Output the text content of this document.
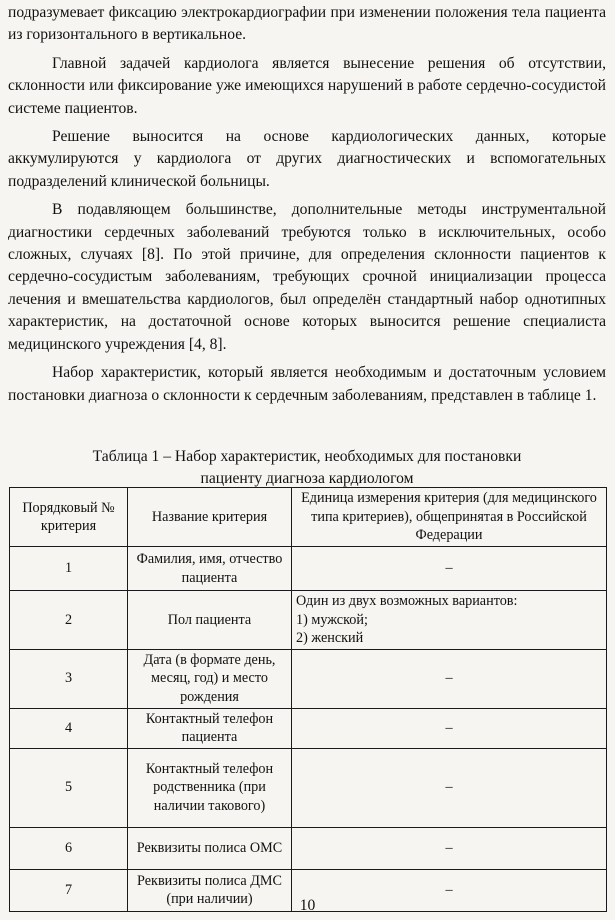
подразумевает фиксацию электрокардиографии при изменении положения тела пациента из горизонтального в вертикальное.

Главной задачей кардиолога является вынесение решения об отсутствии, склонности или фиксирование уже имеющихся нарушений в работе сердечно-сосудистой системе пациентов.

Решение выносится на основе кардиологических данных, которые аккумулируются у кардиолога от других диагностических и вспомогательных подразделений клинической больницы.

В подавляющем большинстве, дополнительные методы инструментальной диагностики сердечных заболеваний требуются только в исключительных, особо сложных, случаях [8]. По этой причине, для определения склонности пациентов к сердечно-сосудистым заболеваниям, требующих срочной инициализации процесса лечения и вмешательства кардиологов, был определён стандартный набор однотипных характеристик, на достаточной основе которых выносится решение специалиста медицинского учреждения [4, 8].

Набор характеристик, который является необходимым и достаточным условием постановки диагноза о склонности к сердечным заболеваниям, представлен в таблице 1.

Таблица 1 – Набор характеристик, необходимых для постановки
пациенту диагноза кардиологом
Порядковый № критерия	Название критерия	Единица измерения критерия (для медицинского типа критериев), общепринятая в Российской Федерации
1	Фамилия, имя, отчество пациента	–
2	Пол пациента	Один из двух возможных вариантов:
1) мужской;
2) женский

3	Дата (в формате день, месяц, год) и место рождения	–
4	Контактный телефон пациента	–
5	Контактный телефон родственника (при наличии такового)	–
6	Реквизиты полиса ОМС	–
7	Реквизиты полиса ДМС (при наличии)	–
10
